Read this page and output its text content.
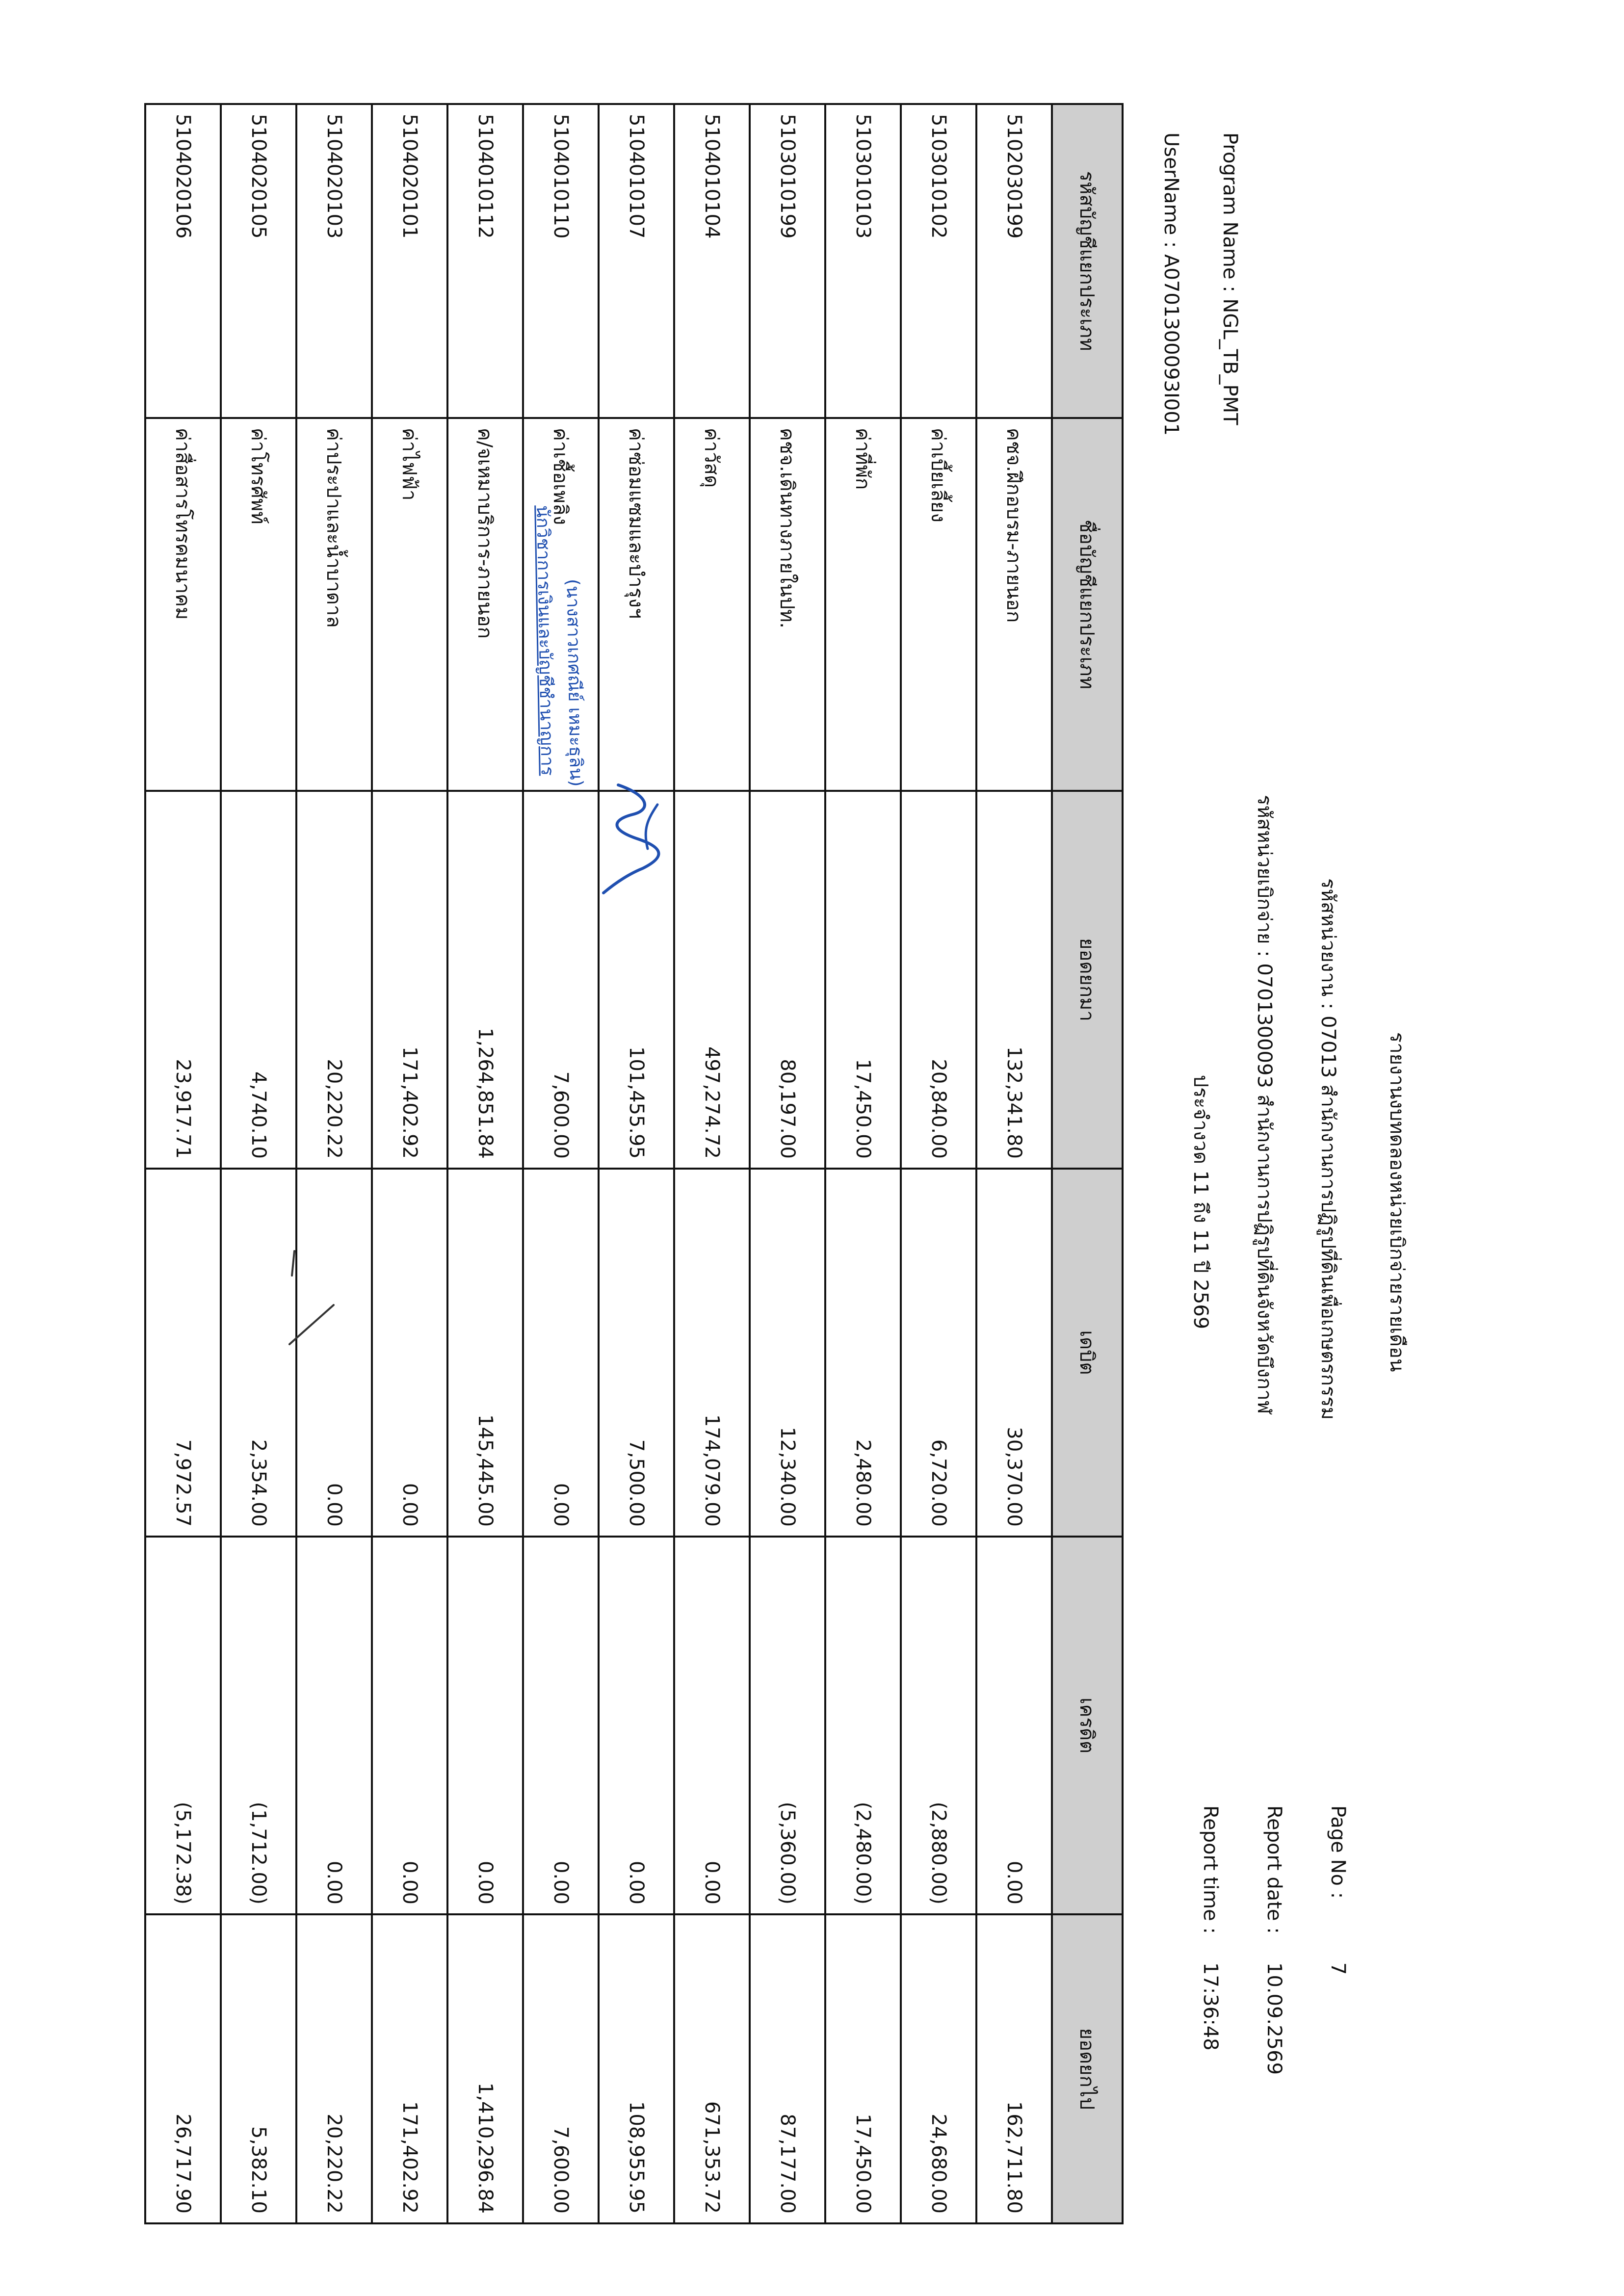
Program Name : NGL_TB_PMT
UserName : A0701300093I001
รายงานงบทดลองหน่วยเบิกจ่ายรายเดือน
รหัสหน่วยงาน : 07013 สำนักงานการปฏิรูปที่ดินเพื่อเกษตรกรรม
รหัสหน่วยเบิกจ่าย : 0701300093 สำนักงานการปฏิรูปที่ดินจังหวัดบึงกาฬ
ประจำงวด 11 ถึง 11 ปี 2569
Page No :
7
Report date :
10.09.2569
Report time :
17:36:48
รหัสบัญชีแยกประเภท	ชื่อบัญชีแยกประเภท	ยอดยกมา	เดบิต	เครดิต	ยอดยกไป
5102030199	คชจ.ฝึกอบรม-ภายนอก	132,341.80	30,370.00	0.00	162,711.80
5103010102	ค่าเบี้ยเลี้ยง	20,840.00	6,720.00	(2,880.00)	24,680.00
5103010103	ค่าที่พัก	17,450.00	2,480.00	(2,480.00)	17,450.00
5103010199	คชจ.เดินทางภายในปท.	80,197.00	12,340.00	(5,360.00)	87,177.00
5104010104	ค่าวัสดุ	497,274.72	174,079.00	0.00	671,353.72
5104010107	ค่าซ่อมแซมและบำรุงฯ	101,455.95	7,500.00	0.00	108,955.95
5104010110	ค่าเชื้อเพลิง	7,600.00	0.00	0.00	7,600.00
5104010112	ค/จเหมาบริการ-ภายนอก	1,264,851.84	145,445.00	0.00	1,410,296.84
5104020101	ค่าไฟฟ้า	171,402.92	0.00	0.00	171,402.92
5104020103	ค่าประปาและน้ำบาดาล	20,220.22	0.00	0.00	20,220.22
5104020105	ค่าโทรศัพท์	4,740.10	2,354.00	(1,712.00)	5,382.10
5104020106	ค่าสื่อสารโทรคมนาคม	23,917.71	7,972.57	(5,172.38)	26,717.90
(นางสาวเกศณีย์ เหมะธุลิน)
นักวิชาการเงินและบัญชีชำนาญการ
